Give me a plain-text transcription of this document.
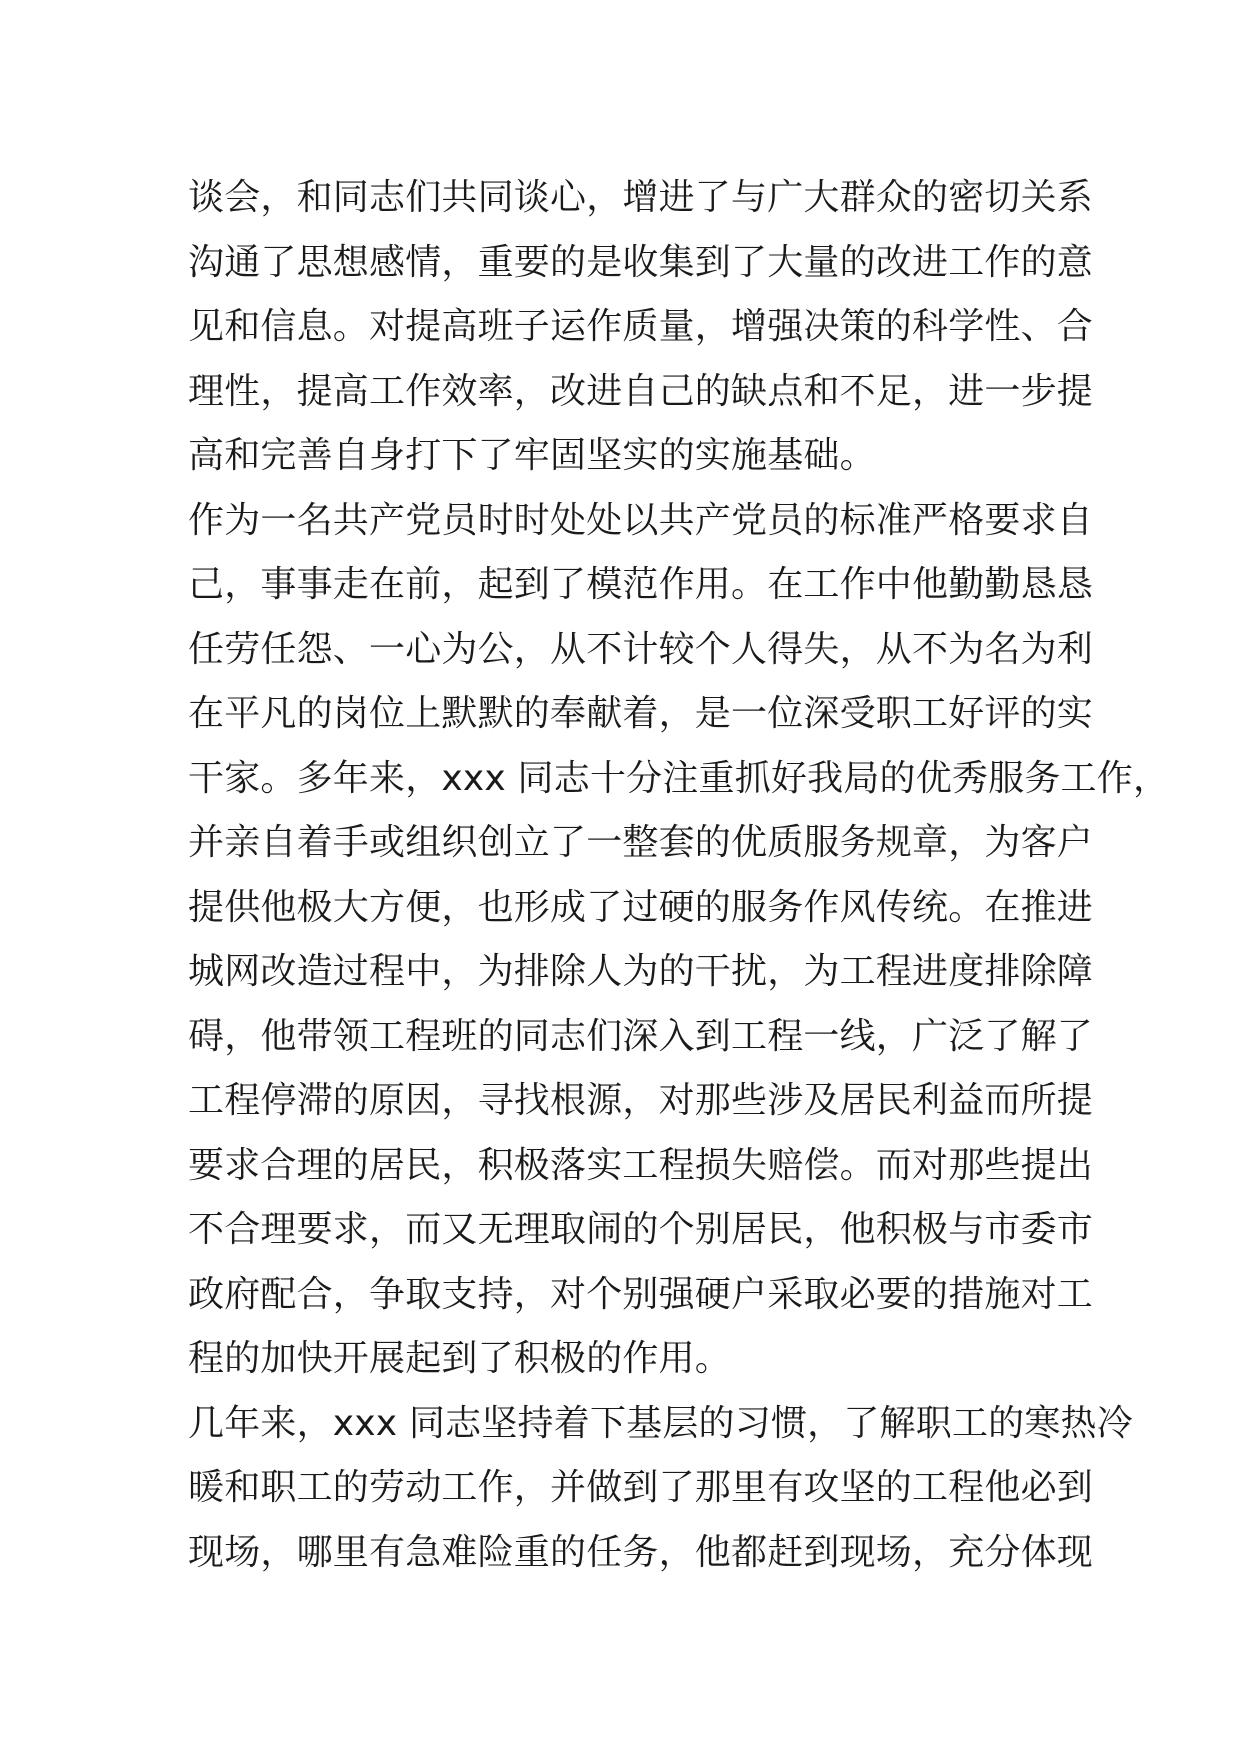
谈会，和同志们共同谈心，增进了与广大群众的密切关系
沟通了思想感情，重要的是收集到了大量的改进工作的意
见和信息。对提高班子运作质量，增强决策的科学性、合
理性，提高工作效率，改进自己的缺点和不足，进一步提
高和完善自身打下了牢固坚实的实施基础。
作为一名共产党员时时处处以共产党员的标准严格要求自
己，事事走在前，起到了模范作用。在工作中他勤勤恳恳
任劳任怨、一心为公，从不计较个人得失，从不为名为利
在平凡的岗位上默默的奉献着，是一位深受职工好评的实
干家。多年来，xxx 同志十分注重抓好我局的优秀服务工作，
并亲自着手或组织创立了一整套的优质服务规章，为客户
提供他极大方便，也形成了过硬的服务作风传统。在推进
城网改造过程中，为排除人为的干扰，为工程进度排除障
碍，他带领工程班的同志们深入到工程一线，广泛了解了
工程停滞的原因，寻找根源，对那些涉及居民利益而所提
要求合理的居民，积极落实工程损失赔偿。而对那些提出
不合理要求，而又无理取闹的个别居民，他积极与市委市
政府配合，争取支持，对个别强硬户采取必要的措施对工
程的加快开展起到了积极的作用。
几年来，xxx 同志坚持着下基层的习惯，了解职工的寒热冷
暖和职工的劳动工作，并做到了那里有攻坚的工程他必到
现场，哪里有急难险重的任务，他都赶到现场，充分体现
